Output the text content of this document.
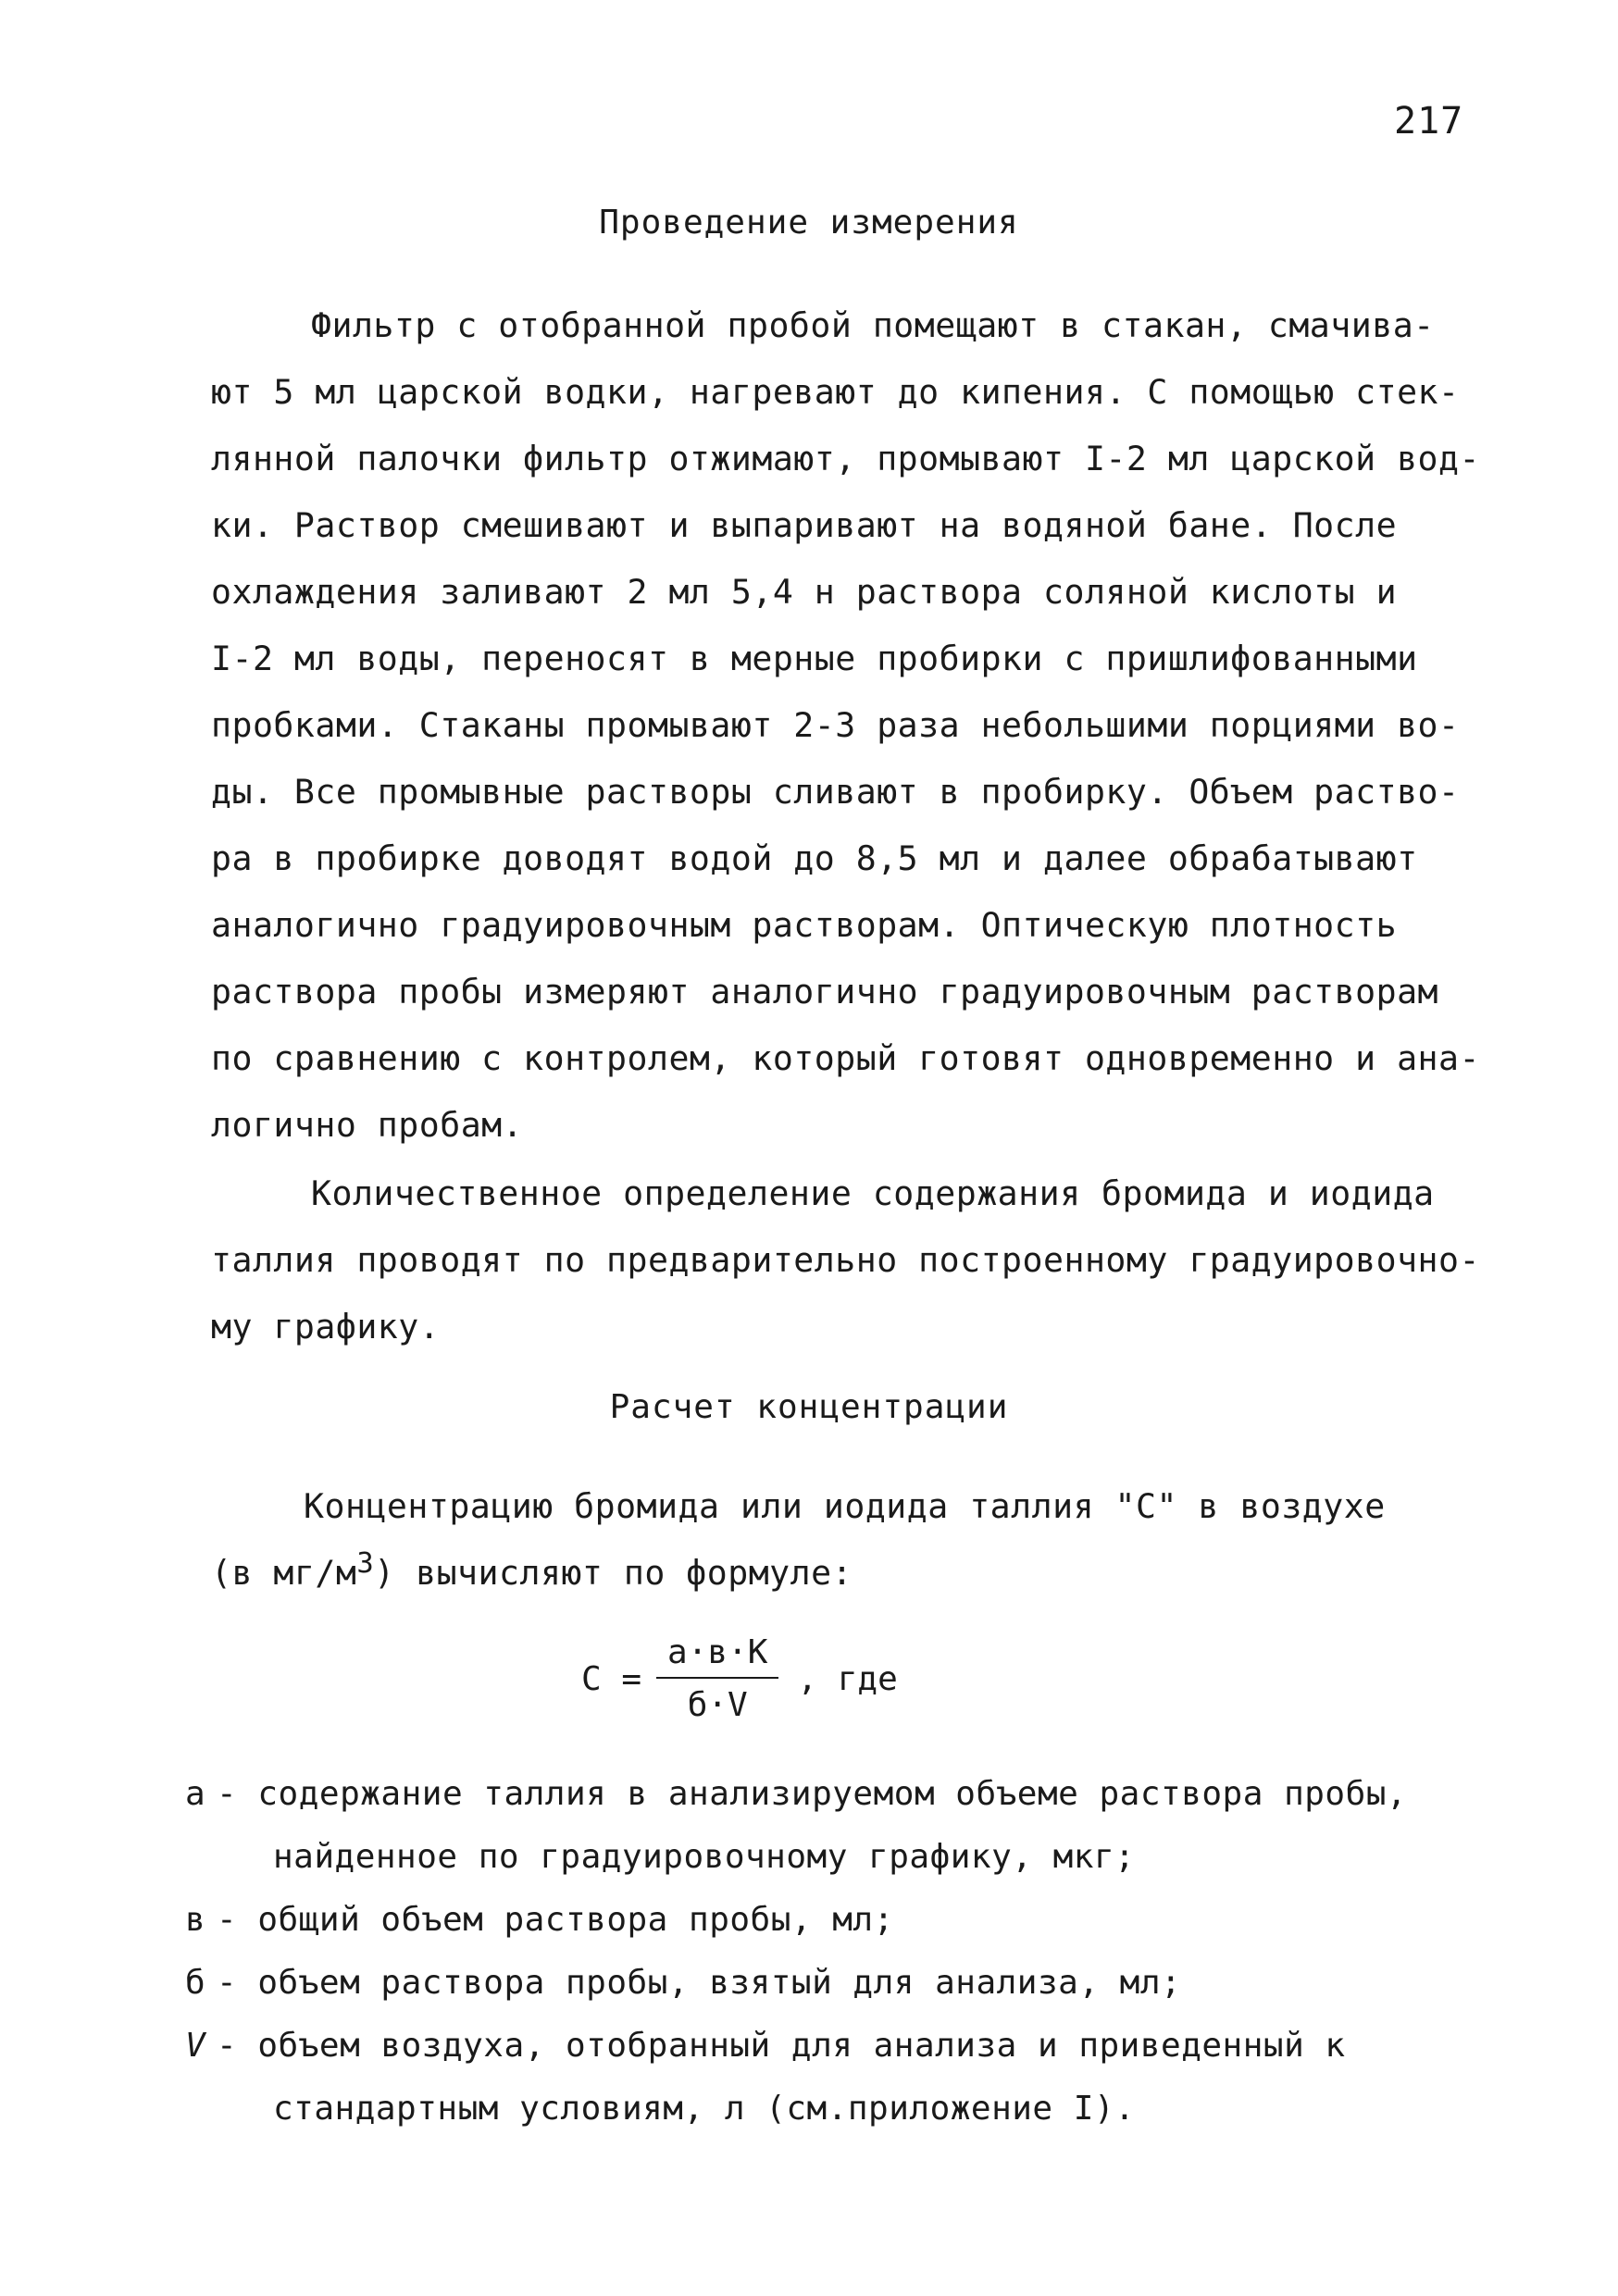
217
Проведение измерения
Фильтр с отобранной пробой помещают в стакан, смачива-
ют 5 мл царской водки, нагревают до кипения. С помощью стек-
лянной палочки фильтр отжимают, промывают I-2 мл царской вод-
ки. Раствор смешивают и выпаривают на водяной бане. После
охлаждения заливают 2 мл 5,4 н раствора соляной кислоты и
I-2 мл воды, переносят в мерные пробирки с пришлифованными
пробками. Стаканы промывают 2-3 раза небольшими порциями во-
ды. Все промывные растворы сливают в пробирку. Объем раство-
ра в пробирке доводят водой до 8,5 мл и далее обрабатывают
аналогично градуировочным растворам. Оптическую плотность
раствора пробы измеряют аналогично градуировочным растворам
по сравнению с контролем, который готовят одновременно и ана-
логично пробам.
Количественное определение содержания бромида и иодида
таллия проводят по предварительно построенному градуировочно-
му графику.
Расчет концентрации
Концентрацию бромида или иодида таллия "С" в воздухе
(в $мг/м^3$) вычисляют по формуле:
$С = \frac{а\cdot в\cdot К}{б\cdot V}$ , где
а - содержание таллия в анализируемом объеме раствора пробы,
найденное по градуировочному графику, мкг;
в - общий объем раствора пробы, мл;
б - объем раствора пробы, взятый для анализа, мл;
V - объем воздуха, отобранный для анализа и приведенный к
стандартным условиям, л (см.приложение I).
